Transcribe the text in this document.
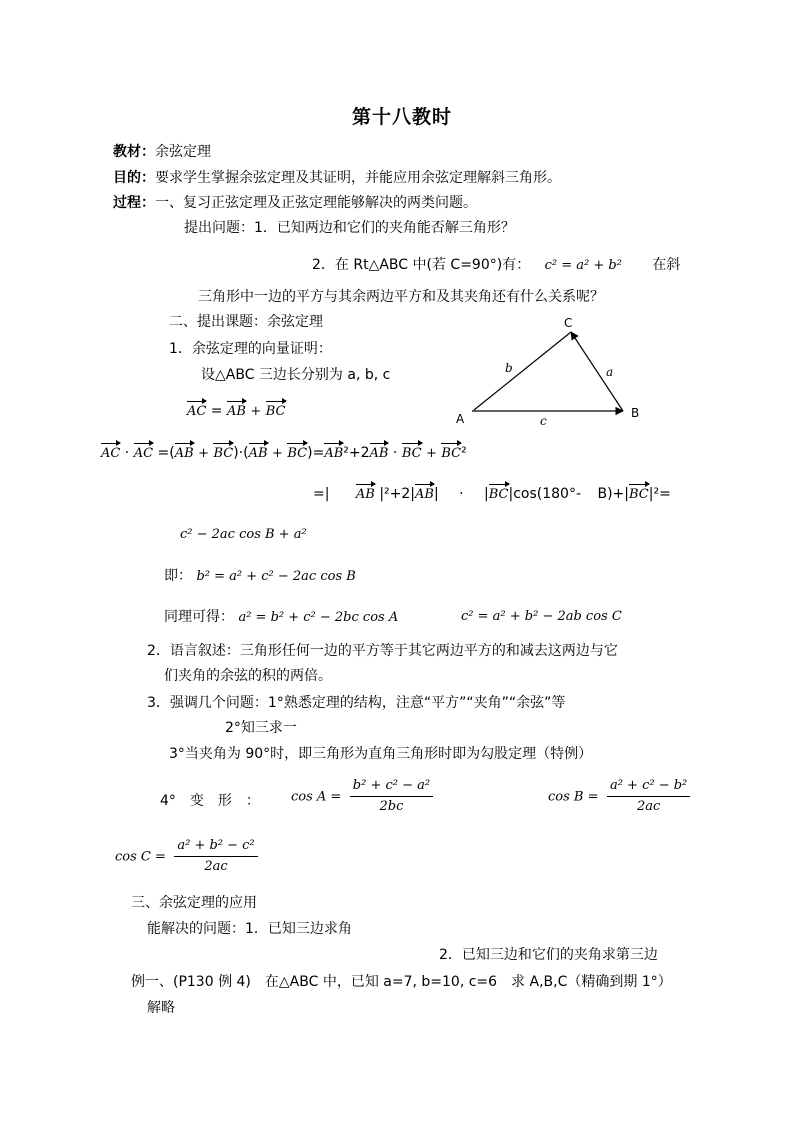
第十八教时
教材：余弦定理
目的：要求学生掌握余弦定理及其证明，并能应用余弦定理解斜三角形。
过程：一、复习正弦定理及正弦定理能够解决的两类问题。
提出问题：1．已知两边和它们的夹角能否解三角形？
2．在 Rt△ABC 中(若 C=90°)有： c² = a² + b² 在斜
三角形中一边的平方与其余两边平方和及其夹角还有什么关系呢？
二、提出课题：余弦定理
1．余弦定理的向量证明：
设△ABC 三边长分别为 a, b, c
C
A	B
b	a
c
AC = AB + BC
AC · AC =(AB + BC)·(AB + BC)=AB²+2AB · BC + BC²
=| AB |²+2|AB| · |BC|cos(180°- B)+|BC|²=
c² − 2ac cos B + a²
即： b² = a² + c² − 2ac cos B
同理可得： a² = b² + c² − 2bc cos A	c² = a² + b² − 2ab cos C
2．语言叙述：三角形任何一边的平方等于其它两边平方的和减去这两边与它
们夹角的余弦的积的两倍。
3．强调几个问题：1°熟悉定理的结构，注意“平方”“夹角”“余弦”等
2°知三求一
3°当夹角为 90°时，即三角形为直角三角形时即为勾股定理（特例）
4°　变　形　： $\cos A = \frac{\text{b² + c² − a²}}{2bc}$	$\cos B = \frac{\text{a² + c² − b²}}{2ac}$
$\cos C = \frac{\text{a² + b² − c²}}{2ac}$
三、余弦定理的应用
能解决的问题：1．已知三边求角
2．已知三边和它们的夹角求第三边
例一、(P130 例 4)　在△ABC 中，已知 a=7, b=10, c=6　求 A,B,C（精确到期 1°）
解略
